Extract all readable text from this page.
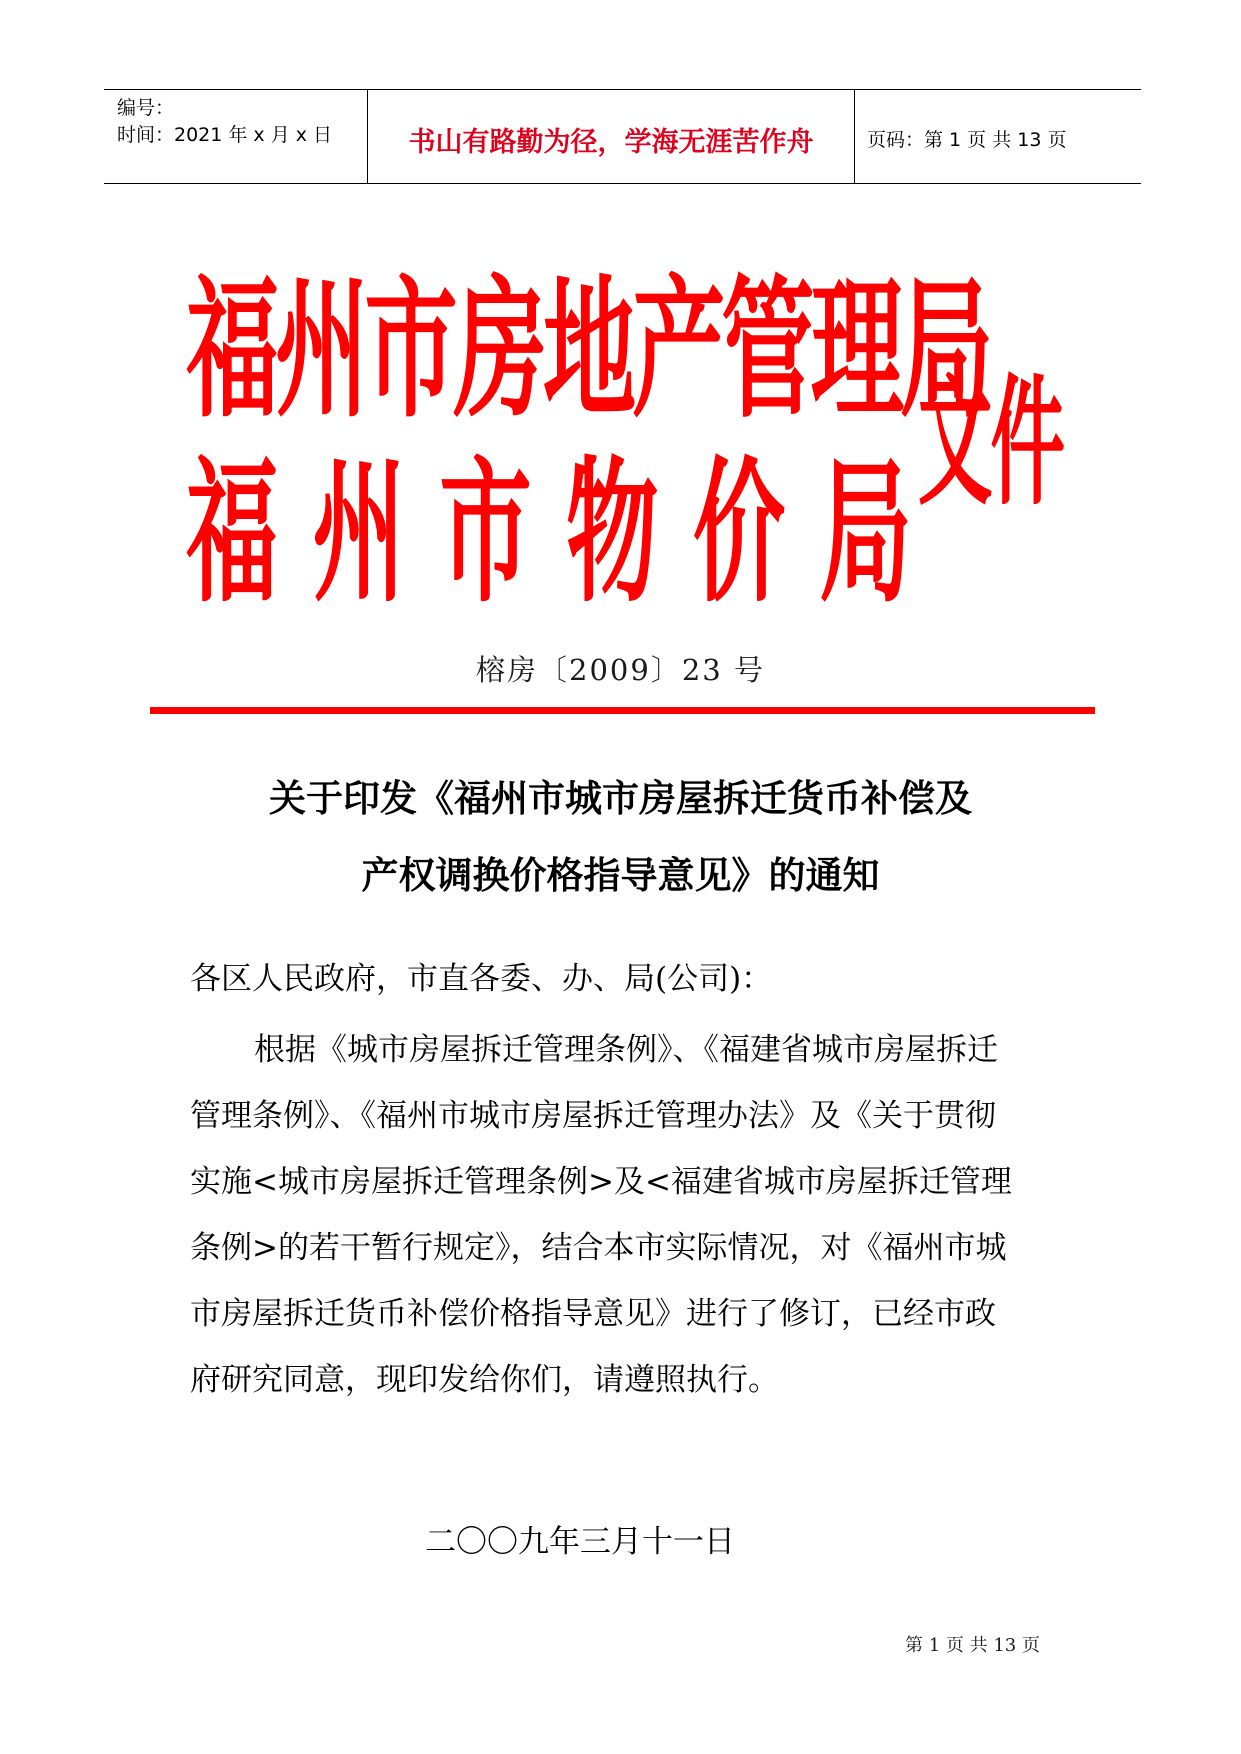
编号：
时间：2021 年 x 月 x 日	书山有路勤为径，学海无涯苦作舟	页码：第 1 页 共 13 页
福州市房地产管理局
福州市物价局
文件
榕房〔2009〕23 号
关于印发《福州市城市房屋拆迁货币补偿及
产权调换价格指导意见》的通知
各区人民政府，市直各委、办、局(公司)：
根据《城市房屋拆迁管理条例》、《福建省城市房屋拆迁
管理条例》、《福州市城市房屋拆迁管理办法》及《关于贯彻
实施<城市房屋拆迁管理条例>及<福建省城市房屋拆迁管理
条例>的若干暂行规定》，结合本市实际情况，对《福州市城
市房屋拆迁货币补偿价格指导意见》进行了修订，已经市政
府研究同意，现印发给你们，请遵照执行。
二〇〇九年三月十一日
第 1 页 共 13 页
